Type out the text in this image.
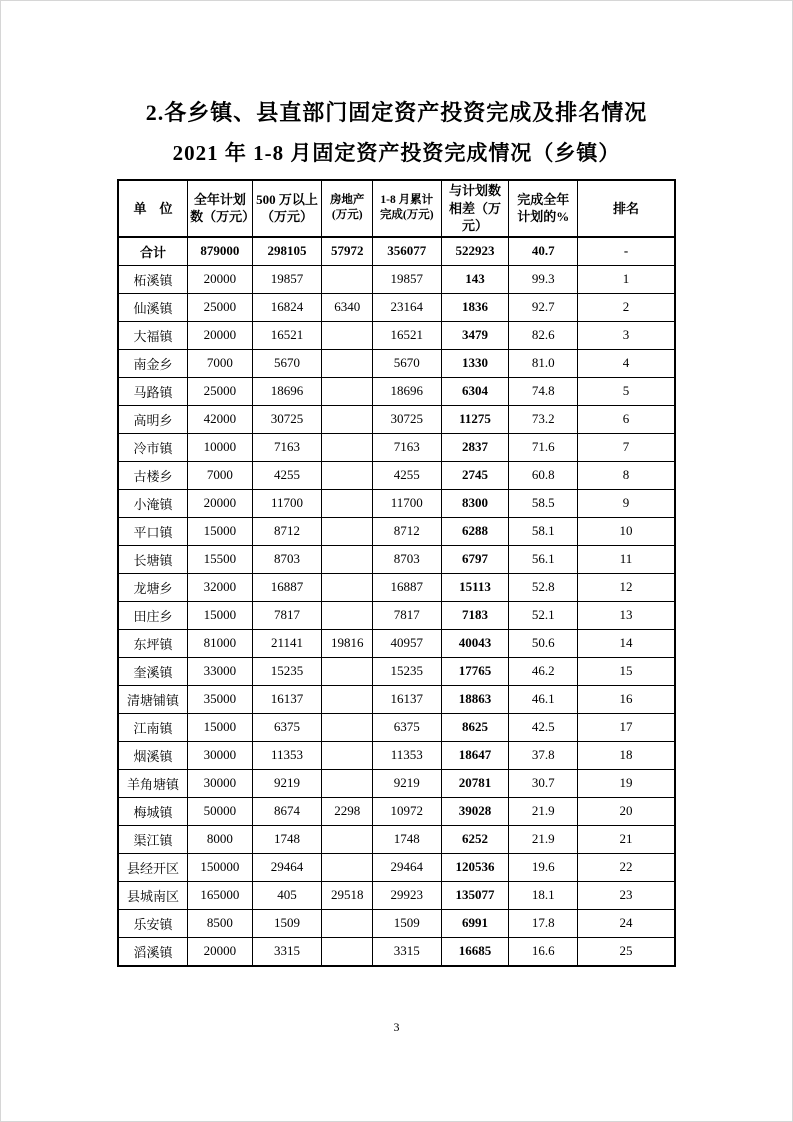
2.各乡镇、县直部门固定资产投资完成及排名情况
2021 年 1-8 月固定资产投资完成情况（乡镇）
单　位	全年计划数（万元）	500 万以上（万元）	房地产(万元)	1-8 月累计完成(万元)	与计划数相差（万元）	完成全年计划的%	排名
合计	879000	298105	57972	356077	522923	40.7	-
柘溪镇	20000	19857		19857	143	99.3	1
仙溪镇	25000	16824	6340	23164	1836	92.7	2
大福镇	20000	16521		16521	3479	82.6	3
南金乡	7000	5670		5670	1330	81.0	4
马路镇	25000	18696		18696	6304	74.8	5
高明乡	42000	30725		30725	11275	73.2	6
冷市镇	10000	7163		7163	2837	71.6	7
古楼乡	7000	4255		4255	2745	60.8	8
小淹镇	20000	11700		11700	8300	58.5	9
平口镇	15000	8712		8712	6288	58.1	10
长塘镇	15500	8703		8703	6797	56.1	11
龙塘乡	32000	16887		16887	15113	52.8	12
田庄乡	15000	7817		7817	7183	52.1	13
东坪镇	81000	21141	19816	40957	40043	50.6	14
奎溪镇	33000	15235		15235	17765	46.2	15
清塘铺镇	35000	16137		16137	18863	46.1	16
江南镇	15000	6375		6375	8625	42.5	17
烟溪镇	30000	11353		11353	18647	37.8	18
羊角塘镇	30000	9219		9219	20781	30.7	19
梅城镇	50000	8674	2298	10972	39028	21.9	20
渠江镇	8000	1748		1748	6252	21.9	21
县经开区	150000	29464		29464	120536	19.6	22
县城南区	165000	405	29518	29923	135077	18.1	23
乐安镇	8500	1509		1509	6991	17.8	24
滔溪镇	20000	3315		3315	16685	16.6	25
3
